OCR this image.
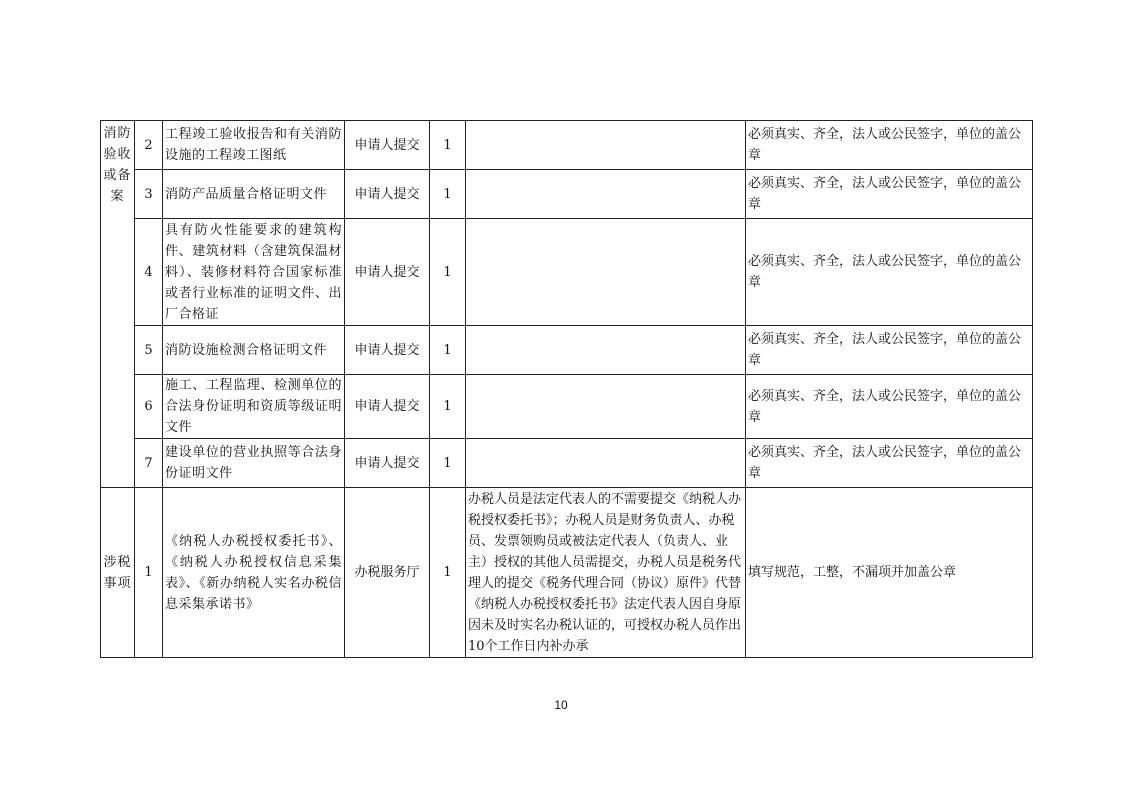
消防验收或备案	2	工程竣工验收报告和有关消防设施的工程竣工图纸	申请人提交	1		必须真实、齐全，法人或公民签字，单位的盖公章
	3	消防产品质量合格证明文件	申请人提交	1		必须真实、齐全，法人或公民签字，单位的盖公章
	4	具有防火性能要求的建筑构件、建筑材料（含建筑保温材料）、装修材料符合国家标准或者行业标准的证明文件、出厂合格证	申请人提交	1		必须真实、齐全，法人或公民签字，单位的盖公章
	5	消防设施检测合格证明文件	申请人提交	1		必须真实、齐全，法人或公民签字，单位的盖公章
	6	施工、工程监理、检测单位的合法身份证明和资质等级证明文件	申请人提交	1		必须真实、齐全，法人或公民签字，单位的盖公章
	7	建设单位的营业执照等合法身份证明文件	申请人提交	1		必须真实、齐全，法人或公民签字，单位的盖公章
涉税事项	1	《纳税人办税授权委托书》、《纳税人办税授权信息采集表》、《新办纳税人实名办税信息采集承诺书》	办税服务厅	1	办税人员是法定代表人的不需要提交《纳税人办税授权委托书》；办税人员是财务负责人、办税员、发票领购员或被法定代表人（负责人、业主）授权的其他人员需提交，办税人员是税务代理人的提交《税务代理合同（协议）原件》代替《纳税人办税授权委托书》法定代表人因自身原因未及时实名办税认证的，可授权办税人员作出10个工作日内补办承	填写规范，工整，不漏项并加盖公章
10
